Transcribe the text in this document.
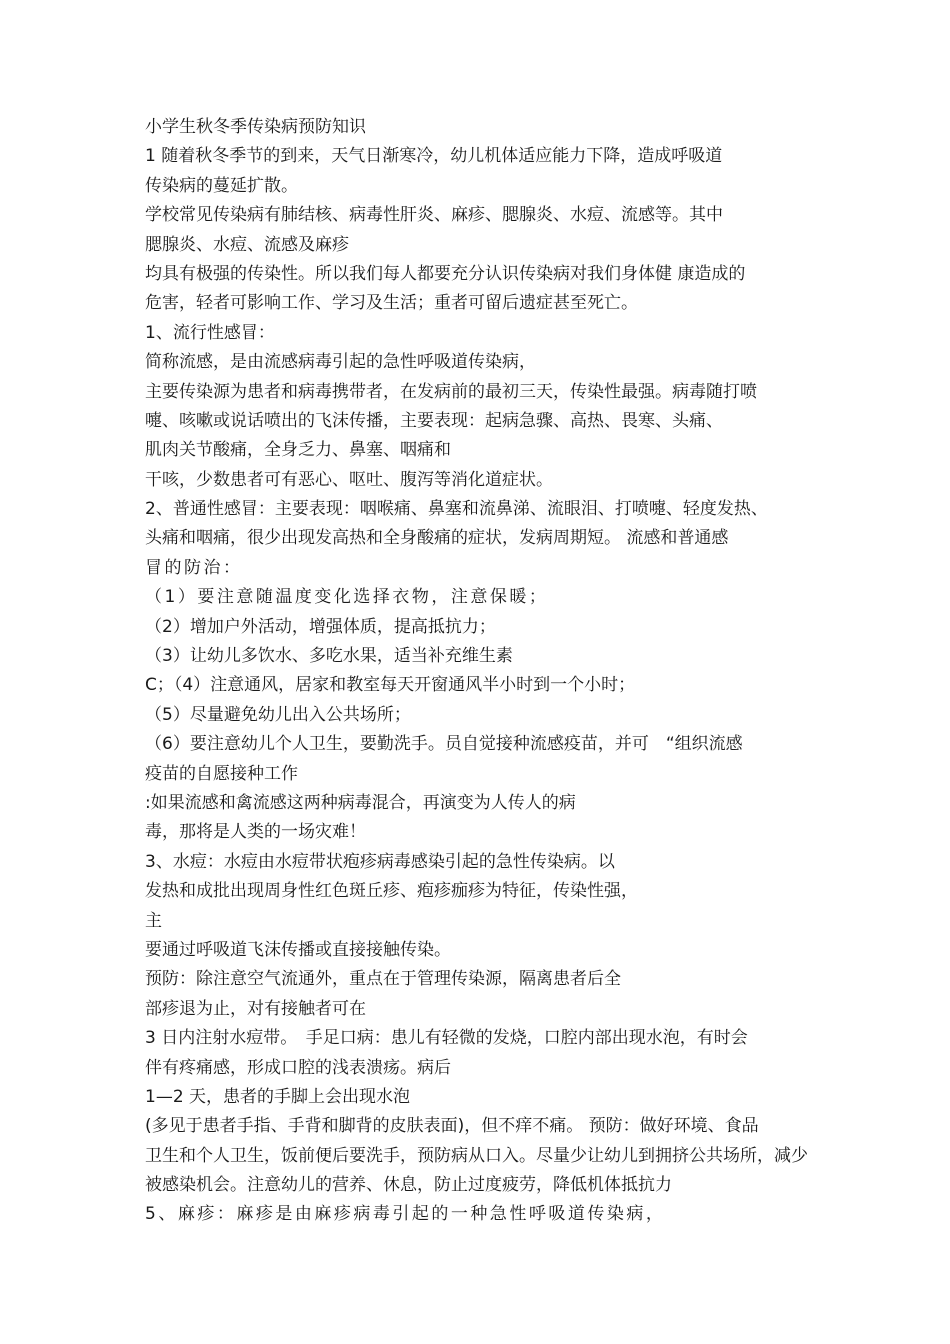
小学生秋冬季传染病预防知识
1 随着秋冬季节的到来，天气日渐寒冷，幼儿机体适应能力下降，造成呼吸道
传染病的蔓延扩散。
学校常见传染病有肺结核、病毒性肝炎、麻疹、腮腺炎、水痘、流感等。其中
腮腺炎、水痘、流感及麻疹
均具有极强的传染性。所以我们每人都要充分认识传染病对我们身体健 康造成的
危害，轻者可影响工作、学习及生活；重者可留后遗症甚至死亡。
1、流行性感冒：
简称流感，是由流感病毒引起的急性呼吸道传染病，
主要传染源为患者和病毒携带者，在发病前的最初三天，传染性最强。病毒随打喷
嚏、咳嗽或说话喷出的飞沫传播，主要表现：起病急骤、高热、畏寒、头痛、
肌肉关节酸痛，全身乏力、鼻塞、咽痛和
干咳，少数患者可有恶心、呕吐、腹泻等消化道症状。
2、普通性感冒：主要表现：咽喉痛、鼻塞和流鼻涕、流眼泪、打喷嚏、轻度发热、
头痛和咽痛，很少出现发高热和全身酸痛的症状，发病周期短。 流感和普通感
冒的防治：
（1）要注意随温度变化选择衣物，注意保暖；
（2）增加户外活动，增强体质，提高抵抗力；
（3）让幼儿多饮水、多吃水果，适当补充维生素
C；（4）注意通风，居家和教室每天开窗通风半小时到一个小时；
（5）尽量避免幼儿出入公共场所；
（6）要注意幼儿个人卫生，要勤洗手。员自觉接种流感疫苗，并可　“组织流感
疫苗的自愿接种工作
:如果流感和禽流感这两种病毒混合，再演变为人传人的病
毒，那将是人类的一场灾难！
3、水痘：水痘由水痘带状疱疹病毒感染引起的急性传染病。以
发热和成批出现周身性红色斑丘疹、疱疹痂疹为特征，传染性强，
主
要通过呼吸道飞沫传播或直接接触传染。
预防：除注意空气流通外，重点在于管理传染源，隔离患者后全
部疹退为止，对有接触者可在
3 日内注射水痘带。　手足口病：患儿有轻微的发烧，口腔内部出现水泡，有时会
伴有疼痛感，形成口腔的浅表溃疡。病后
1—2 天，患者的手脚上会出现水泡
(多见于患者手指、手背和脚背的皮肤表面)，但不痒不痛。 预防：做好环境、食品
卫生和个人卫生，饭前便后要洗手，预防病从口入。尽量少让幼儿到拥挤公共场所，减少
被感染机会。注意幼儿的营养、休息，防止过度疲劳，降低机体抵抗力
5、麻疹：麻疹是由麻疹病毒引起的一种急性呼吸道传染病，
